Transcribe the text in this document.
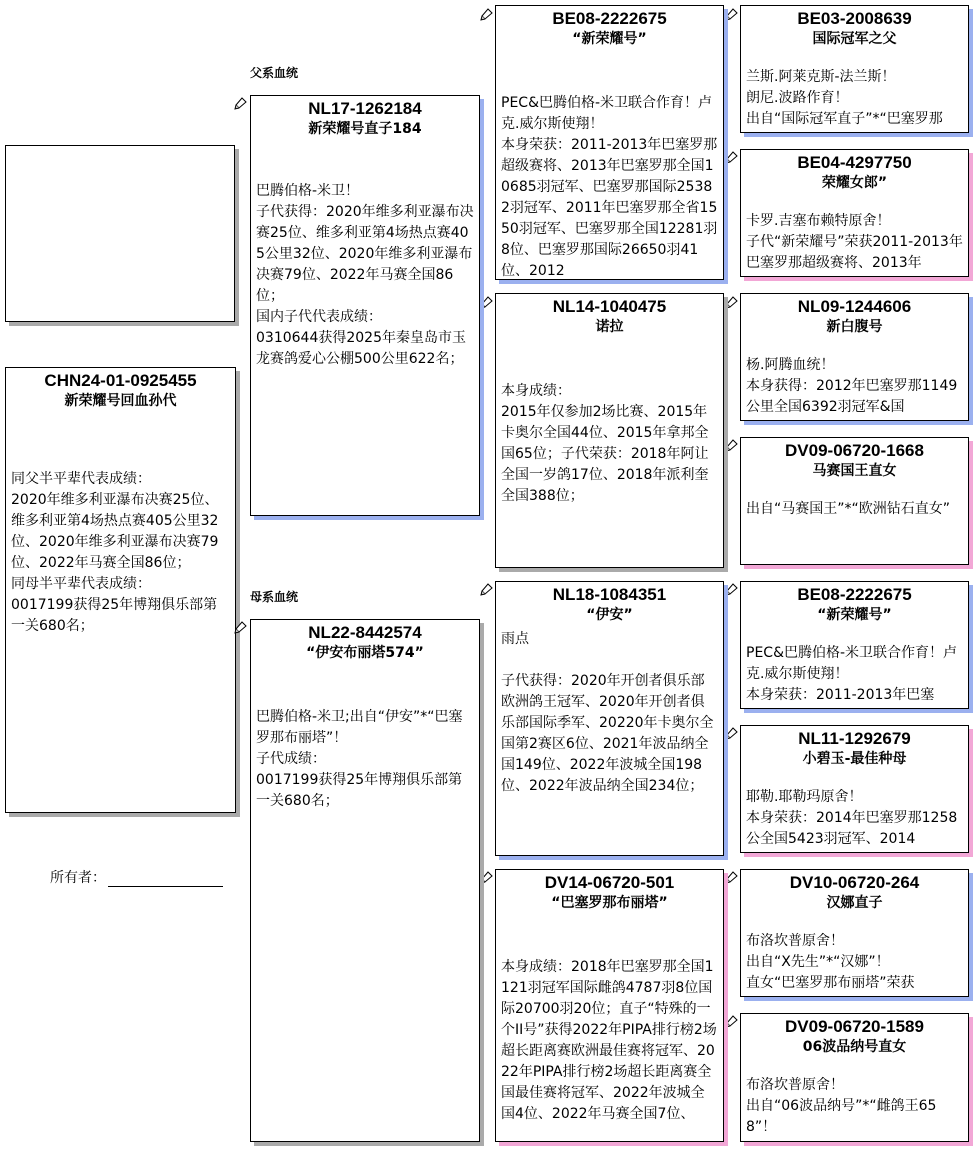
CHN24-01-0925455
新荣耀号回血孙代
同父半平辈代表成绩：
2020年维多利亚瀑布决赛25位、维多利亚第4场热点赛405公里32位、2020年维多利亚瀑布决赛79位、2022年马赛全国86位；
同母半平辈代表成绩：
0017199获得25年博翔俱乐部第一关680名；
所有者：
父系血统
母系血统
NL17-1262184
新荣耀号直子184
巴腾伯格-米卫！
子代获得：2020年维多利亚瀑布决赛25位、维多利亚第4场热点赛405公里32位、2020年维多利亚瀑布决赛79位、2022年马赛全国86位；
国内子代代表成绩：
0310644获得2025年秦皇岛市玉龙赛鸽爱心公棚500公里622名；
NL22-8442574
“伊安布丽塔574”
巴腾伯格-米卫;出自“伊安”*“巴塞罗那布丽塔”！
子代成绩：
0017199获得25年博翔俱乐部第一关680名；
BE08-2222675
“新荣耀号”
PEC&巴腾伯格-米卫联合作育！卢克.威尔斯使翔！
本身荣获：2011-2013年巴塞罗那超级赛将、2013年巴塞罗那全国10685羽冠军、巴塞罗那国际25382羽冠军、2011年巴塞罗那全省1550羽冠军、巴塞罗那全国12281羽8位、巴塞罗那国际26650羽41位、2012
NL14-1040475
诺拉
本身成绩：
2015年仅参加2场比赛、2015年卡奥尔全国44位、2015年拿邦全国65位；子代荣获：2018年阿让全国一岁鸽17位、2018年派利奎全国388位；
NL18-1084351
“伊安”
雨点

子代获得：2020年开创者俱乐部欧洲鸽王冠军、2020年开创者俱乐部国际季军、20220年卡奥尔全国第2赛区6位、2021年波品纳全国149位、2022年波城全国198位、2022年波品纳全国234位；
DV14-06720-501
“巴塞罗那布丽塔”
本身成绩：2018年巴塞罗那全国1121羽冠军国际雌鸽4787羽8位国际20700羽20位；直子“特殊的一个II号”获得2022年PIPA排行榜2场超长距离赛欧洲最佳赛将冠军、2022年PIPA排行榜2场超长距离赛全国最佳赛将冠军、2022年波城全国4位、2022年马赛全国7位、
BE03-2008639
国际冠军之父
兰斯.阿莱克斯-法兰斯！
朗尼.波路作育！
出自“国际冠军直子”*“巴塞罗那
BE04-4297750
荣耀女郎”
卡罗.吉塞布赖特原舍！
子代“新荣耀号”荣获2011-2013年巴塞罗那超级赛将、2013年
NL09-1244606
新白腹号
杨.阿腾血统！
本身获得：2012年巴塞罗那1149公里全国6392羽冠军&国
DV09-06720-1668
马赛国王直女
出自“马赛国王”*“欧洲钻石直女”
BE08-2222675
“新荣耀号”
PEC&巴腾伯格-米卫联合作育！卢克.威尔斯使翔！
本身荣获：2011-2013年巴塞
NL11-1292679
小碧玉-最佳种母
耶勒.耶勒玛原舍！
本身荣获：2014年巴塞罗那1258公全国5423羽冠军、2014
DV10-06720-264
汉娜直子
布洛坎普原舍！
出自“X先生”*“汉娜”！
直女“巴塞罗那布丽塔”荣获
DV09-06720-1589
06波品纳号直女
布洛坎普原舍！
出自“06波品纳号”*“雌鸽王658”！
